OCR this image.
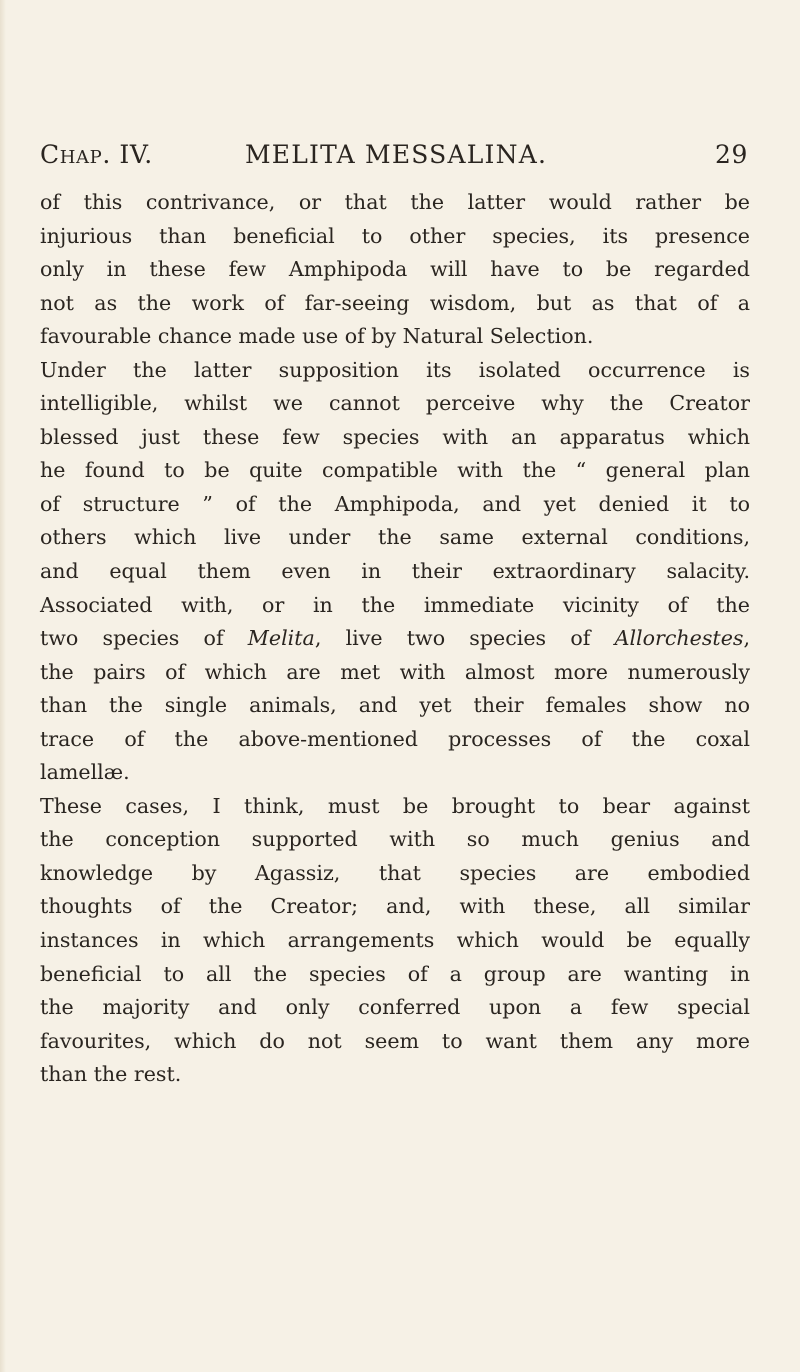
Chap. IV.	MELITA MESSALINA.	29

of this contrivance, or that the latter would rather be

injurious than beneficial to other species, its presence

only in these few Amphipoda will have to be regarded

not as the work of far-seeing wisdom, but as that of a

favourable chance made use of by Natural Selection.

Under the latter supposition its isolated occurrence is

intelligible, whilst we cannot perceive why the Creator

blessed just these few species with an apparatus which

he found to be quite compatible with the “ general plan

of structure ” of the Amphipoda, and yet denied it to

others which live under the same external conditions,

and equal them even in their extraordinary salacity.

Associated with, or in the immediate vicinity of the

two species of Melita, live two species of Allorchestes,

the pairs of which are met with almost more numerously

than the single animals, and yet their females show no

trace of the above-mentioned processes of the coxal

lamellæ.

These cases, I think, must be brought to bear against

the conception supported with so much genius and

knowledge by Agassiz, that species are embodied

thoughts of the Creator; and, with these, all similar

instances in which arrangements which would be equally

beneficial to all the species of a group are wanting in

the majority and only conferred upon a few special

favourites, which do not seem to want them any more

than the rest.
